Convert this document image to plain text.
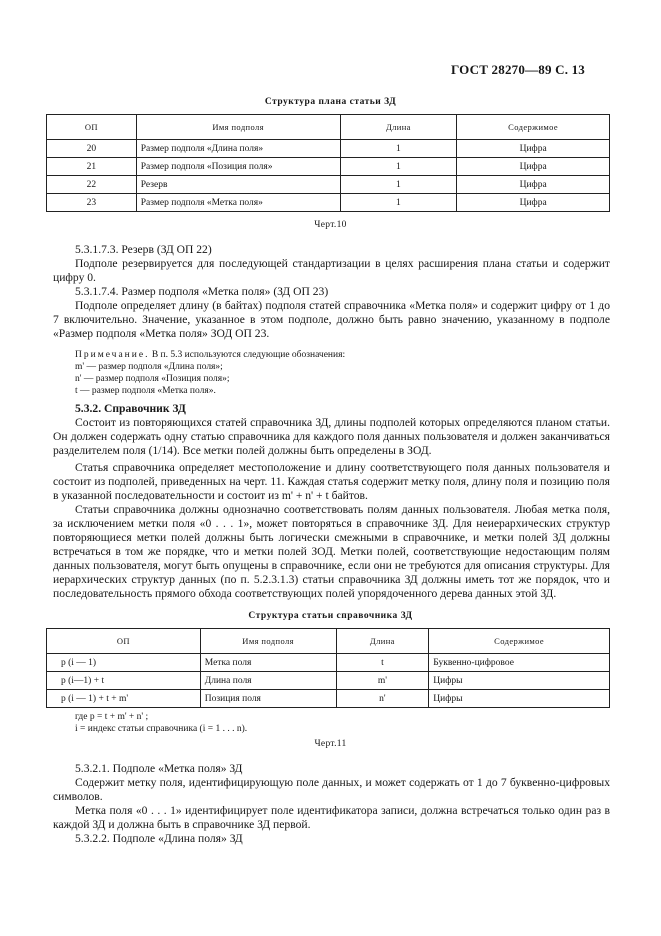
ГОСТ 28270—89 С. 13
Структура плана статьи ЗД
ОП	Имя подполя	Длина	Содержимое
20	Размер подполя «Длина поля»	1	Цифра
21	Размер подполя «Позиция поля»	1	Цифра
22	Резерв	1	Цифра
23	Размер подполя «Метка поля»	1	Цифра
Черт.10

5.3.1.7.3. Резерв (ЗД ОП 22)

Подполе резервируется для последующей стандартизации в целях расширения плана статьи и содержит цифру 0.

5.3.1.7.4. Размер подполя «Метка поля» (ЗД ОП 23)

Подполе определяет длину (в байтах) подполя статей справочника «Метка поля» и содержит цифру от 1 до 7 включительно. Значение, указанное в этом подполе, должно быть равно значению, указанному в подполе «Размер подполя «Метка поля» ЗОД ОП 23.

Примечание. В п. 5.3 используются следующие обозначения:

m' — размер подполя «Длина поля»;

n' — размер подполя «Позиция поля»;

t — размер подполя «Метка поля».

5.3.2. Справочник ЗД

Состоит из повторяющихся статей справочника ЗД, длины подполей которых определяются планом статьи. Он должен содержать одну статью справочника для каждого поля данных пользователя и должен заканчиваться разделителем поля (1/14). Все метки полей должны быть определены в ЗОД.

Статья справочника определяет местоположение и длину соответствующего поля данных пользователя и состоит из подполей, приведенных на черт. 11. Каждая статья содержит метку поля, длину поля и позицию поля в указанной последовательности и состоит из m' + n' + t байтов.

Статьи справочника должны однозначно соответствовать полям данных пользователя. Любая метка поля, за исключением метки поля «0 . . . 1», может повторяться в справочнике ЗД. Для неиерархических структур повторяющиеся метки полей должны быть логически смежными в справочнике, и метки полей ЗД должны встречаться в том же порядке, что и метки полей ЗОД. Метки полей, соответствующие недостающим полям данных пользователя, могут быть опущены в справочнике, если они не требуются для описания структуры. Для иерархических структур данных (по п. 5.2.3.1.3) статьи справочника ЗД должны иметь тот же порядок, что и последовательность прямого обхода соответствующих полей упорядоченного дерева данных этой ЗД.

Структура статьи справочника ЗД
ОП	Имя подполя	Длина	Содержимое
p (i — 1)	Метка поля	t	Буквенно-цифровое
p (i—1) + t	Длина поля	m'	Цифры
p (i — 1) + t + m'	Позиция поля	n'	Цифры

где p = t + m' + n' ;

i = индекс статьи справочника (i = 1 . . . n).

Черт.11

5.3.2.1. Подполе «Метка поля» ЗД

Содержит метку поля, идентифицирующую поле данных, и может содержать от 1 до 7 буквенно-цифровых символов.

Метка поля «0 . . . 1» идентифицирует поле идентификатора записи, должна встречаться только один раз в каждой ЗД и должна быть в справочнике ЗД первой.

5.3.2.2. Подполе «Длина поля» ЗД
